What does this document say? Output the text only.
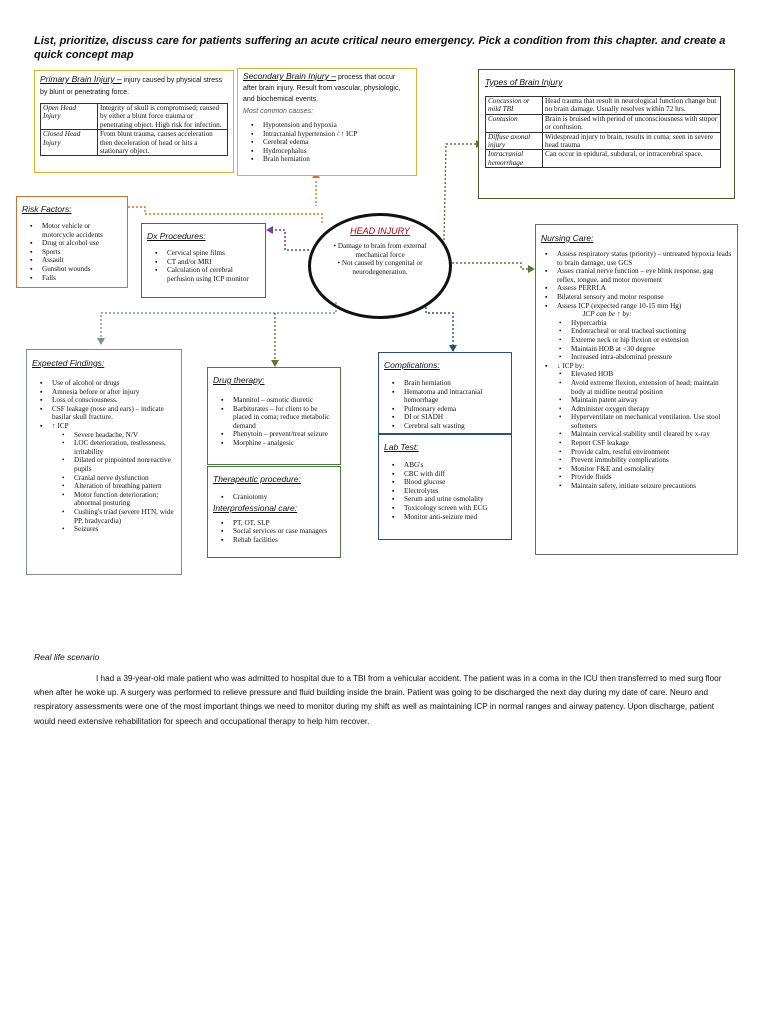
List, prioritize, discuss care for patients suffering an acute critical neuro emergency. Pick a condition from this chapter. and create a quick concept map
Primary Brain Injury – injury caused by physical stress by blunt or penetrating force.
Open Head Injury	Integrity of skull is compromised; caused by either a blunt force trauma or penetrating object. High risk for infection.
Closed Head Injury	From blunt trauma, causes acceleration then deceleration of head or hits a stationary object.
Secondary Brain Injury – process that occur after brain injury. Result from vascular, physiologic, and biochemical events.
Most common causes:
▪ Hypotension and hypoxia
▪ Intracranial hypertension / ↑ ICP
▪ Cerebral edema
▪ Hydrocephalus
▪ Brain herniation
Types of Brain Injury
Concussion or mild TBI	Head trauma that result in neurological function change but no brain damage. Usually resolves within 72 hrs.
Contusion	Brain is bruised with period of unconsciousness with stupor or confusion.
Diffuse axonal injury	Widespread injury to brain, results in coma; seen in severe head trauma
Intracranial hemorrhage	Can occur in epidural, subdural, or intracerebral space.
Risk Factors:
▪ Motor vehicle or motorcycle accidents
▪ Drug or alcohol use
▪ Sports
▪ Assault
▪ Gunshot wounds
▪ Falls
Dx Procedures:
▪ Cervical spine films
▪ CT and/or MRI
▪ Calculation of cerebral perfusion using ICP monitor
HEAD INJURY
• Damage to brain from external mechanical force
• Not caused by congenital or neurodegeneration.
Nursing Care:
▪ Assess respiratory status (priority) – untreated hypoxia leads to brain damage, use GCS
▪ Asses cranial nerve function – eye blink response, gag reflex, tongue, and motor movement
▪ Assess PERRLA
▪ Bilateral sensory and motor response
▪ Assess ICP (expected range 10-15 mm Hg)
ICP can be ↑ by:
• Hypercarbia
• Endotracheal or oral tracheal suctioning
• Extreme neck or hip flexion or extension
• Maintain HOB at <30 degree
• Increased intra-abdominal pressure
▪ ↓ ICP by:
• Elevated HOB
• Avoid extreme flexion, extension of head; maintain body at midline neutral position
• Maintain patent airway
• Administer oxygen therapy
• Hyperventilate on mechanical ventilation. Use stool softeners
• Maintain cervical stability until cleared by x-ray
• Report CSF leakage
• Provide calm, restful environment
• Prevent immobility complications
• Monitor F&E and osmolality
• Provide fluids
• Maintain safety, initiate seizure precautions
Expected Findings:
▪ Use of alcohol or drugs
▪ Amnesia before or after injury
▪ Loss of consciousness.
▪ CSF leakage (nose and ears) – indicate basilar skull fracture.
▪ ↑ ICP
• Severe headache, N/V
• LOC deterioration, restlessness, irritability
• Dilated or pinpointed nonreactive pupils
• Cranial nerve dysfunction
• Alteration of breathing pattern
• Motor function deterioration; abnormal posturing
• Cushing's triad (severe HTN, wide PP, bradycardia)
• Seizures
Drug therapy:
▪ Mannitol – osmotic diuretic
▪ Barbiturates – for client to be placed in coma; reduce metabolic demand
▪ Phenytoin – prevent/treat seizure
▪ Morphine - analgesic
Therapeutic procedure:
▪ Craniotomy
Interprofessional care:
▪ PT, OT, SLP
▪ Social services or case managers
▪ Rehab facilities
Complications:
▪ Brain herniation
▪ Hematoma and intracranial hemorrhage
▪ Pulmonary edema
▪ DI or SIADH
▪ Cerebral salt wasting
Lab Test:
▪ ABG's
▪ CBC with diff
▪ Blood glucose
▪ Electrolytes
▪ Serum and urine osmolality
▪ Toxicology screen with ECG
▪ Monitor anti-seizure med
Real life scenario
I had a 39-year-old male patient who was admitted to hospital due to a TBI from a vehicular accident. The patient was in a coma in the ICU then transferred to med surg floor when after he woke up. A surgery was performed to relieve pressure and fluid building inside the brain. Patient was going to be discharged the next day during my date of care. Neuro and respiratory assessments were one of the most important things we need to monitor during my shift as well as maintaining ICP in normal ranges and airway patency. Upon discharge, patient would need extensive rehabilitation for speech and occupational therapy to help him recover.
